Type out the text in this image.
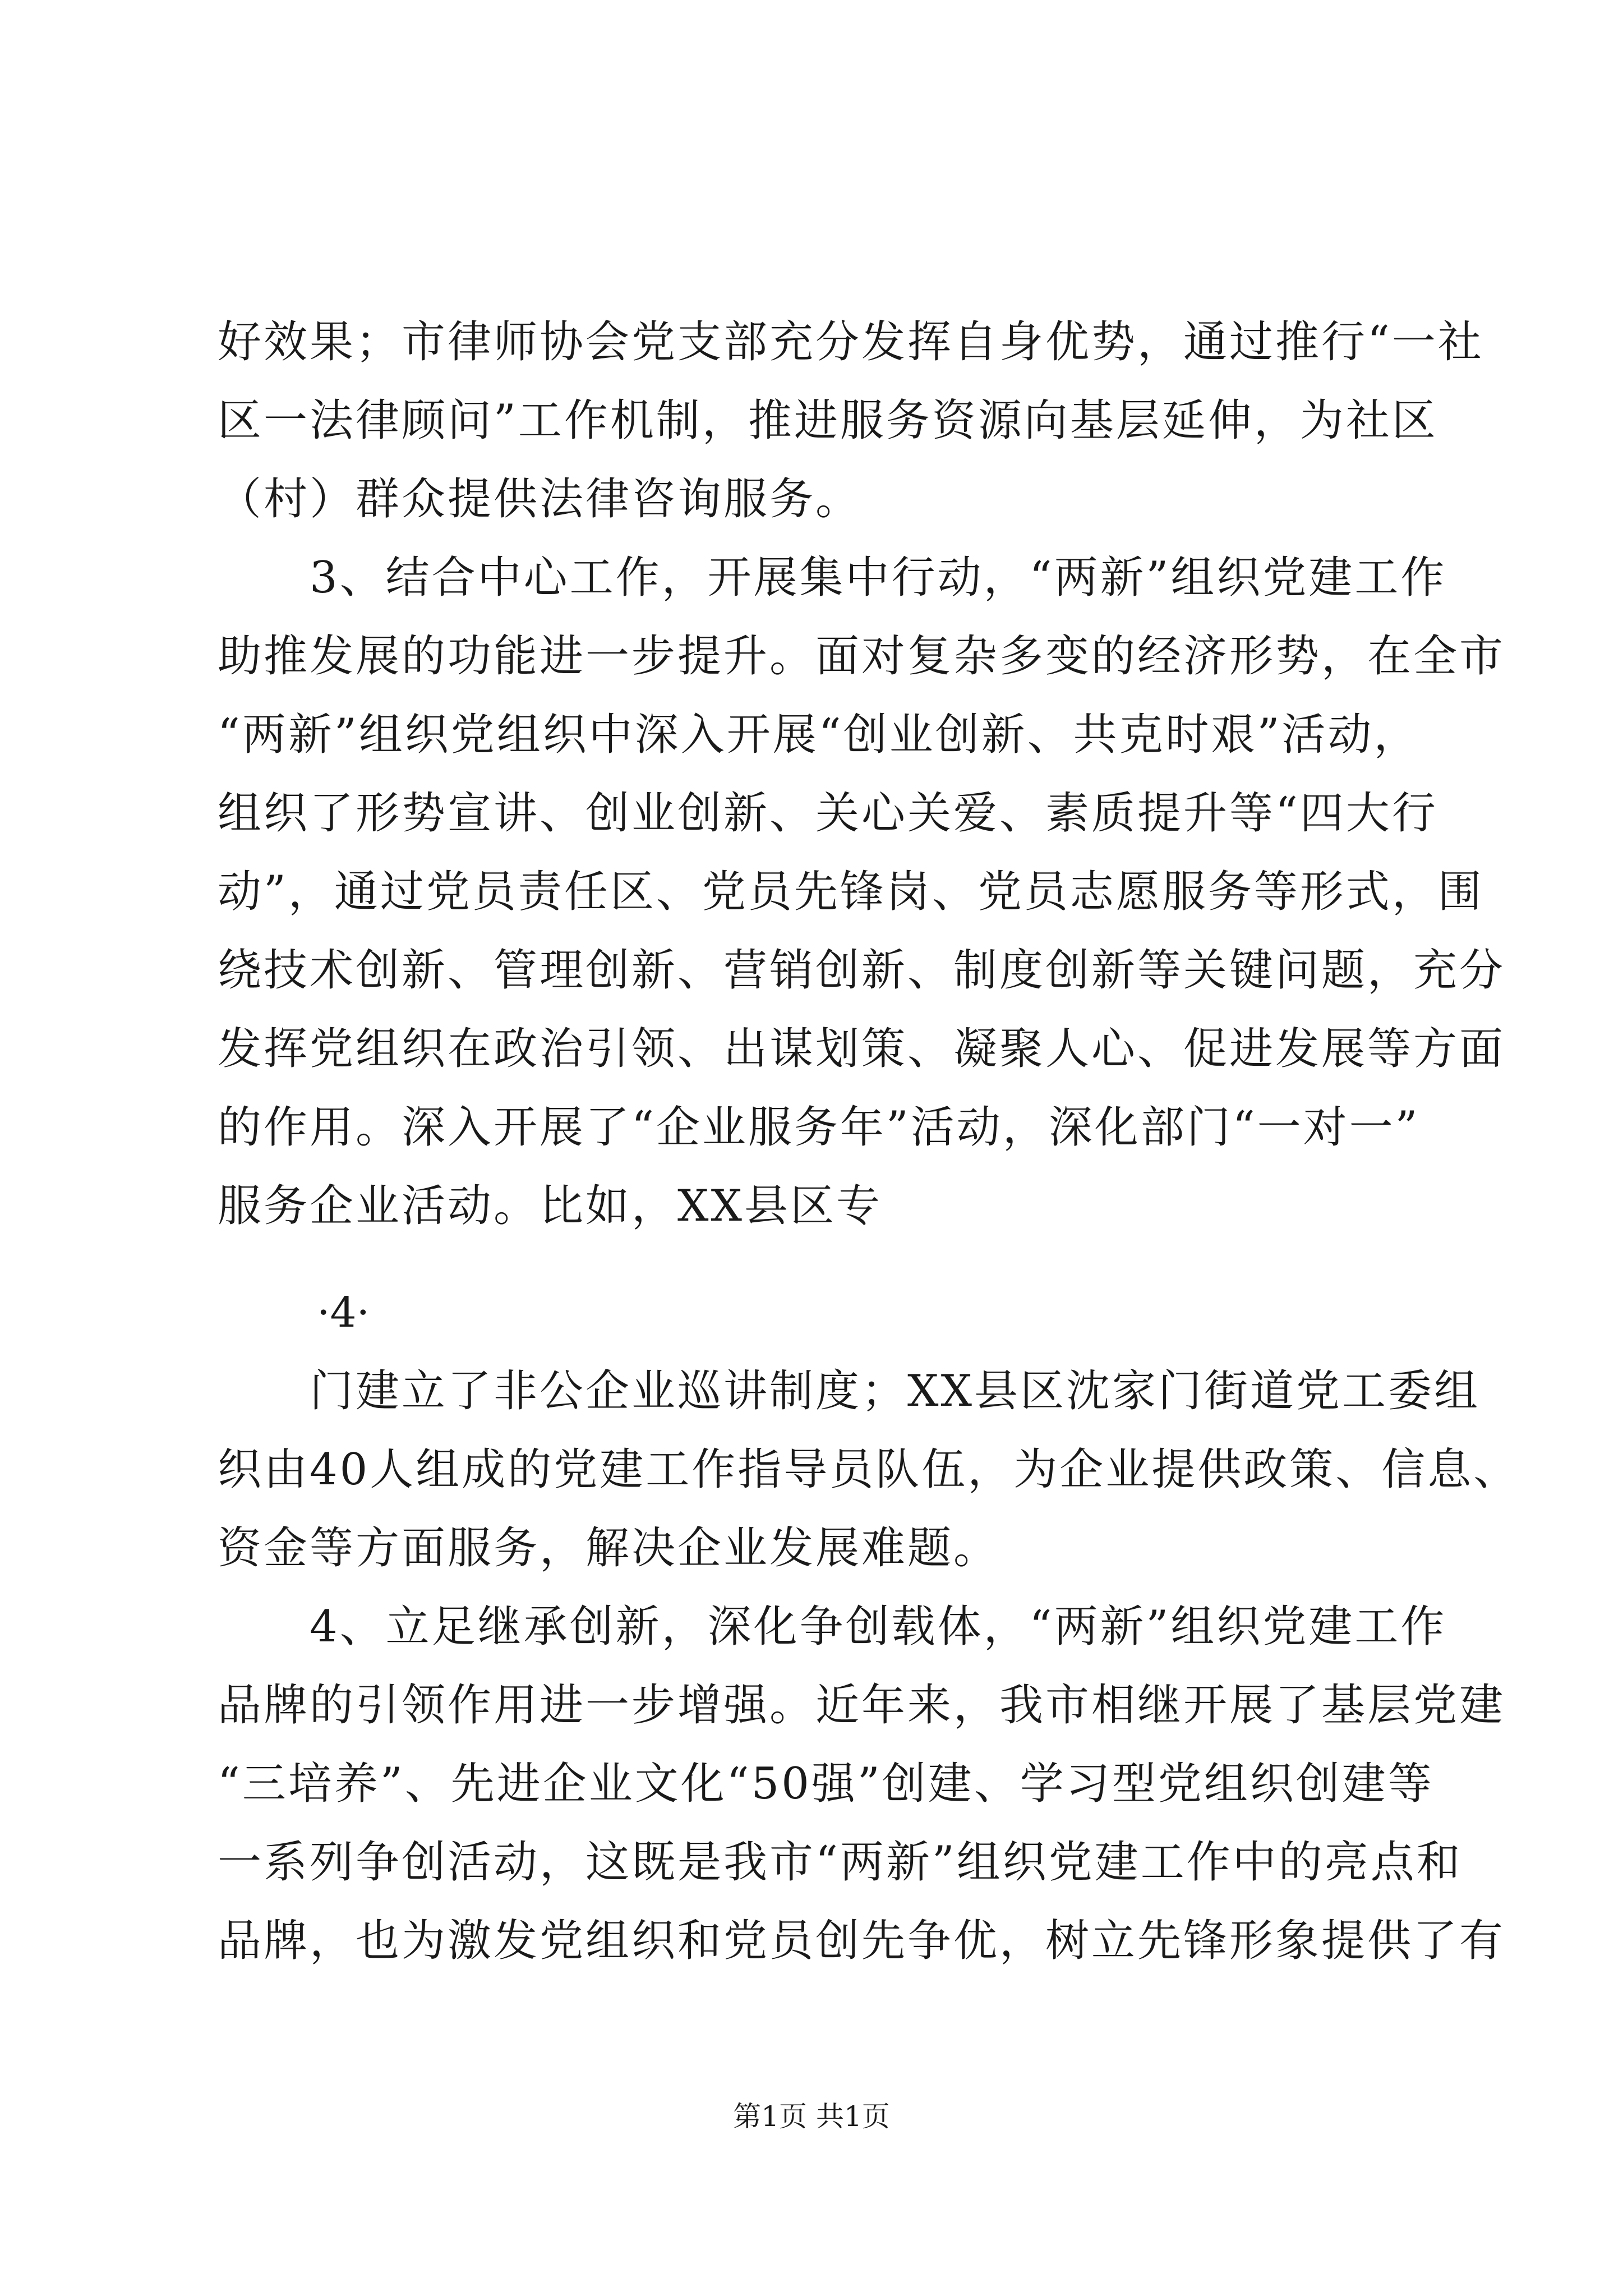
好效果；市律师协会党支部充分发挥自身优势，通过推行“一社
区一法律顾问”工作机制，推进服务资源向基层延伸，为社区
（村）群众提供法律咨询服务。
　　3、结合中心工作，开展集中行动，“两新”组织党建工作
助推发展的功能进一步提升。面对复杂多变的经济形势，在全市
“两新”组织党组织中深入开展“创业创新、共克时艰”活动，
组织了形势宣讲、创业创新、关心关爱、素质提升等“四大行
动”，通过党员责任区、党员先锋岗、党员志愿服务等形式，围
绕技术创新、管理创新、营销创新、制度创新等关键问题，充分
发挥党组织在政治引领、出谋划策、凝聚人心、促进发展等方面
的作用。深入开展了“企业服务年”活动，深化部门“一对一”
服务企业活动。比如，XX县区专
·4·
　　门建立了非公企业巡讲制度；XX县区沈家门街道党工委组
织由40人组成的党建工作指导员队伍，为企业提供政策、信息、
资金等方面服务，解决企业发展难题。
　　4、立足继承创新，深化争创载体，“两新”组织党建工作
品牌的引领作用进一步增强。近年来，我市相继开展了基层党建
“三培养”、先进企业文化“50强”创建、学习型党组织创建等
一系列争创活动，这既是我市“两新”组织党建工作中的亮点和
品牌，也为激发党组织和党员创先争优，树立先锋形象提供了有
第1页 共1页
